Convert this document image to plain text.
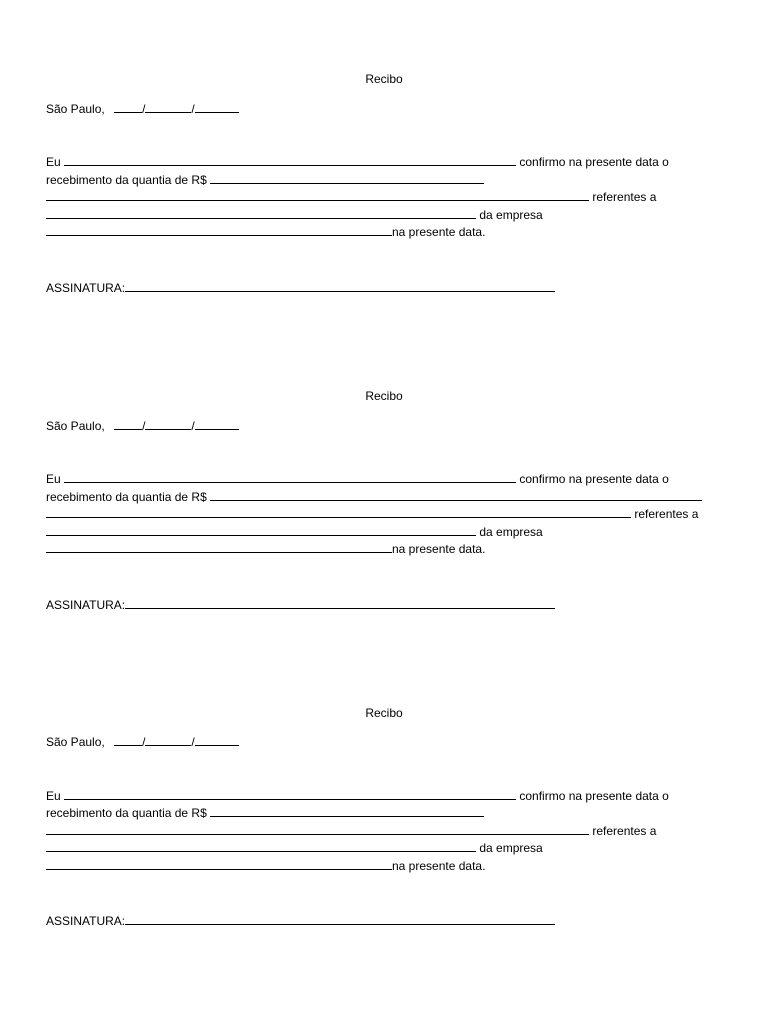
Recibo

São Paulo,	/	/

Eu	confirmo na presente data o

recebimento da quantia de R$

referentes a

da empresa

na presente data.

ASSINATURA:

Recibo

São Paulo,	/	/

Eu	confirmo na presente data o

recebimento da quantia de R$

referentes a

da empresa

na presente data.

ASSINATURA:

Recibo

São Paulo,	/	/

Eu	confirmo na presente data o

recebimento da quantia de R$

referentes a

da empresa

na presente data.

ASSINATURA:
